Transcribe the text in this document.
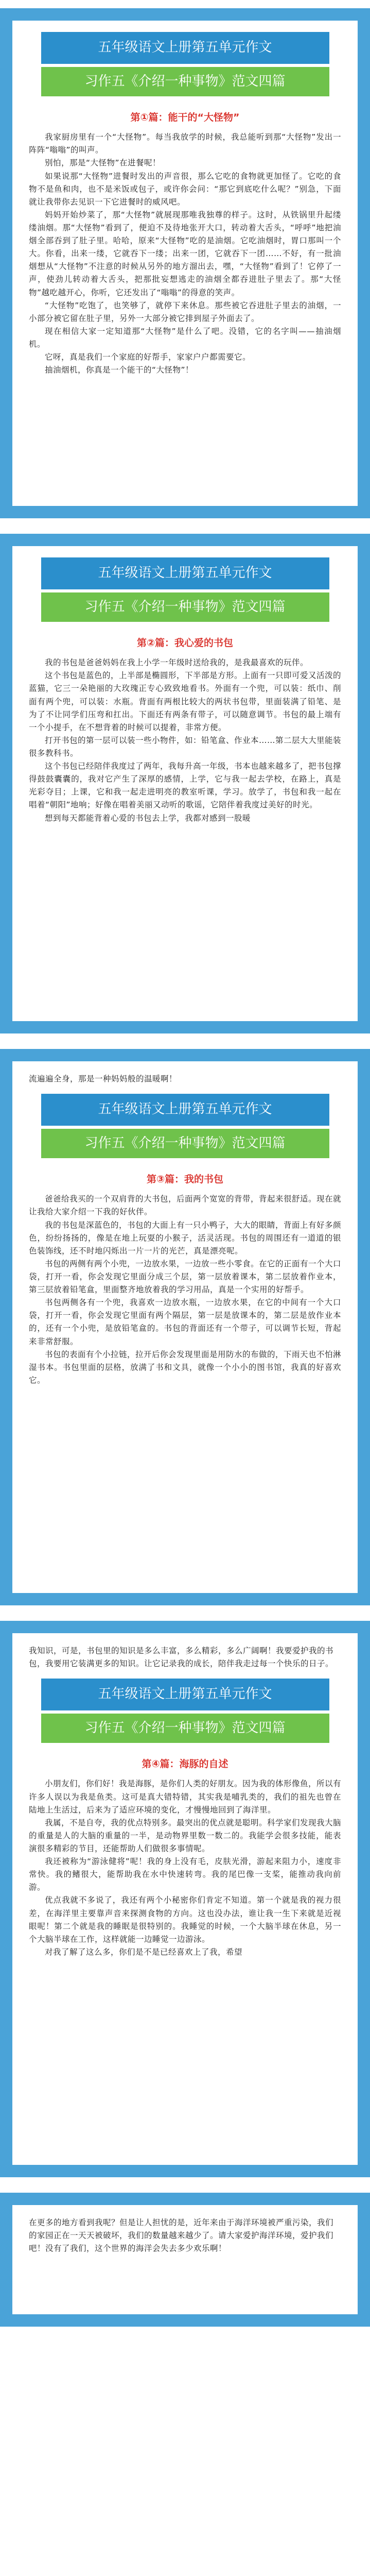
五年级语文上册第五单元作文
习作五《介绍一种事物》范文四篇
第①篇：能干的“大怪物”

我家厨房里有一个“大怪物”。每当我放学的时候，我总能听到那“大怪物”发出一阵阵“嗡嗡”的叫声。

别怕，那是“大怪物”在进餐呢！

如果说那“大怪物”进餐时发出的声音很，那么它吃的食物就更加怪了。它吃的食物不是鱼和肉，也不是米饭或包子，或许你会问：“那它到底吃什么呢？”别急，下面就让我带你去见识一下它进餐时的威风吧。

妈妈开始炒菜了，那“大怪物”就展现那唯我独尊的样子。这时，从铁锅里升起缕缕油烟。那“大怪物”看到了，便迫不及待地张开大口，转动着大舌头，“呼呼”地把油烟全部吞到了肚子里。哈哈，原来“大怪物”吃的是油烟。它吃油烟时，胃口那叫一个大。你看，出来一缕，它就吞下一缕；出来一团，它就吞下一团……不好，有一批油烟想从“大怪物”不注意的时候从另外的地方溜出去，嘿，“大怪物”看到了！它停了一声，使劲儿转动着大舌头，把那批妄想逃走的油烟全都吞进肚子里去了。那“大怪物”越吃越开心，你听，它还发出了“嗡嗡”的得意的笑声。

“大怪物”吃饱了，也笑够了，就停下来休息。那些被它吞进肚子里去的油烟，一小部分被它留在肚子里，另外一大部分被它排到屋子外面去了。

现在相信大家一定知道那“大怪物”是什么了吧。没错，它的名字叫——抽油烟机。

它呀，真是我们一个家庭的好帮手，家家户户都需要它。

抽油烟机，你真是一个能干的“大怪物”！

五年级语文上册第五单元作文
习作五《介绍一种事物》范文四篇
第②篇：我心爱的书包

我的书包是爸爸妈妈在我上小学一年级时送给我的，是我最喜欢的玩伴。

这个书包是蓝色的，上半部是椭圆形，下半部是方形。上面有一只即可爱又活泼的蓝猫，它三一朵艳丽的大玫瑰正专心致致地看书。外面有一个兜，可以装：纸巾、削面有两个兜，可以装：水瓶。背面有两根比较大的两状书包带，里面装满了铅笔、是为了不让同学们压弯和扛出。下面还有两条有带子，可以随意调节。书包的最上端有一个小提手，在不想背着的时候可以提着，非常方便。

打开书包的第一层可以装一些小物件，如：铅笔盒、作业本……第二层大大里能装很多教科书。

这个书包已经陪伴我度过了两年，我每升高一年级，书本也越来越多了，把书包撑得鼓鼓囊囊的，我对它产生了深厚的感情，上学，它与我一起去学校，在路上，真是光彩夺目；上课，它和我一起走进明亮的教室听课，学习。放学了，书包和我一起在唱着“朝阳”地响；好像在唱着美丽又动听的歌谣，它陪伴着我度过美好的时光。

想到每天都能背着心爱的书包去上学，我都对感到一股暖

流遍遍全身，那是一种妈妈般的温暖啊！

五年级语文上册第五单元作文
习作五《介绍一种事物》范文四篇
第③篇：我的书包

爸爸给我买的一个双肩背的大书包，后面两个宽宽的背带，背起来很舒适。现在就让我给大家介绍一下我的好伙伴。

我的书包是深蓝色的，书包的大面上有一只小鸭子，大大的眼睛，背面上有好多颜色，纷纷扬扬的，像是在地上玩耍的小猴子，活灵活现。书包的周围还有一道道的银色装饰线，还不时地闪烁出一片一片的光芒，真是漂亮呢。

书包的两侧有两个小兜，一边放水果，一边放一些小零食。在它的正面有一个大口袋，打开一看，你会发现它里面分成三个层，第一层放着课本，第二层放着作业本，第三层放着铅笔盒，里面整齐地放着我的学习用品，真是一个实用的好帮手。

书包两侧各有一个兜，我喜欢一边放水瓶，一边放水果，在它的中间有一个大口袋，打开一看，你会发现它里面有两个隔层，第一层是放课本的，第二层是放作业本的，还有一个小兜，是放铅笔盒的。书包的背面还有一个带子，可以调节长短，背起来非常舒服。

书包的表面有个小拉链，拉开后你会发现里面是用防水的布做的，下雨天也不怕淋湿书本。书包里面的层格，放满了书和文具，就像一个小小的图书馆，我真的好喜欢它。

我知识，可是，书包里的知识是多么丰富，多么精彩，多么广阔啊！我要爱护我的书包，我要用它装满更多的知识。让它记录我的成长，陪伴我走过每一个快乐的日子。

五年级语文上册第五单元作文
习作五《介绍一种事物》范文四篇
第④篇：海豚的自述

小朋友们，你们好！我是海豚，是你们人类的好朋友。因为我的体形像鱼，所以有许多人误以为我是鱼类。这可是真大错特错，其实我是哺乳类的，我们的祖先也曾在陆地上生活过，后来为了适应环境的变化，才慢慢地回到了海洋里。

我属，不是自夸，我的优点特别多。最突出的优点就是聪明。科学家们发现我大脑的重量是人的大脑的重量的一半，是动物界里数一数二的。我能学会很多技能，能表演很多精彩的节目，还能帮助人们做很多事情呢。

我还被称为“游泳健将”呢！我的身上没有毛，皮肤光滑，游起来阻力小，速度非常快。我的鳍很大，能帮助我在水中快速转弯。我的尾巴像一支桨，能推动我向前游。

优点我就不多说了，我还有两个小秘密你们肯定不知道。第一个就是我的视力很差，在海洋里主要靠声音来探测食物的方向。这也没办法，谁让我一生下来就是近视眼呢！第二个就是我的睡眠是很特别的。我睡觉的时候，一个大脑半球在休息，另一个大脑半球在工作，这样就能一边睡觉一边游泳。

对我了解了这么多，你们是不是已经喜欢上了我，希望

在更多的地方看到我呢？但是让人担忧的是，近年来由于海洋环境被严重污染，我们的家园正在一天天被破坏，我们的数量越来越少了。请大家爱护海洋环境，爱护我们吧！没有了我们，这个世界的海洋会失去多少欢乐啊！
